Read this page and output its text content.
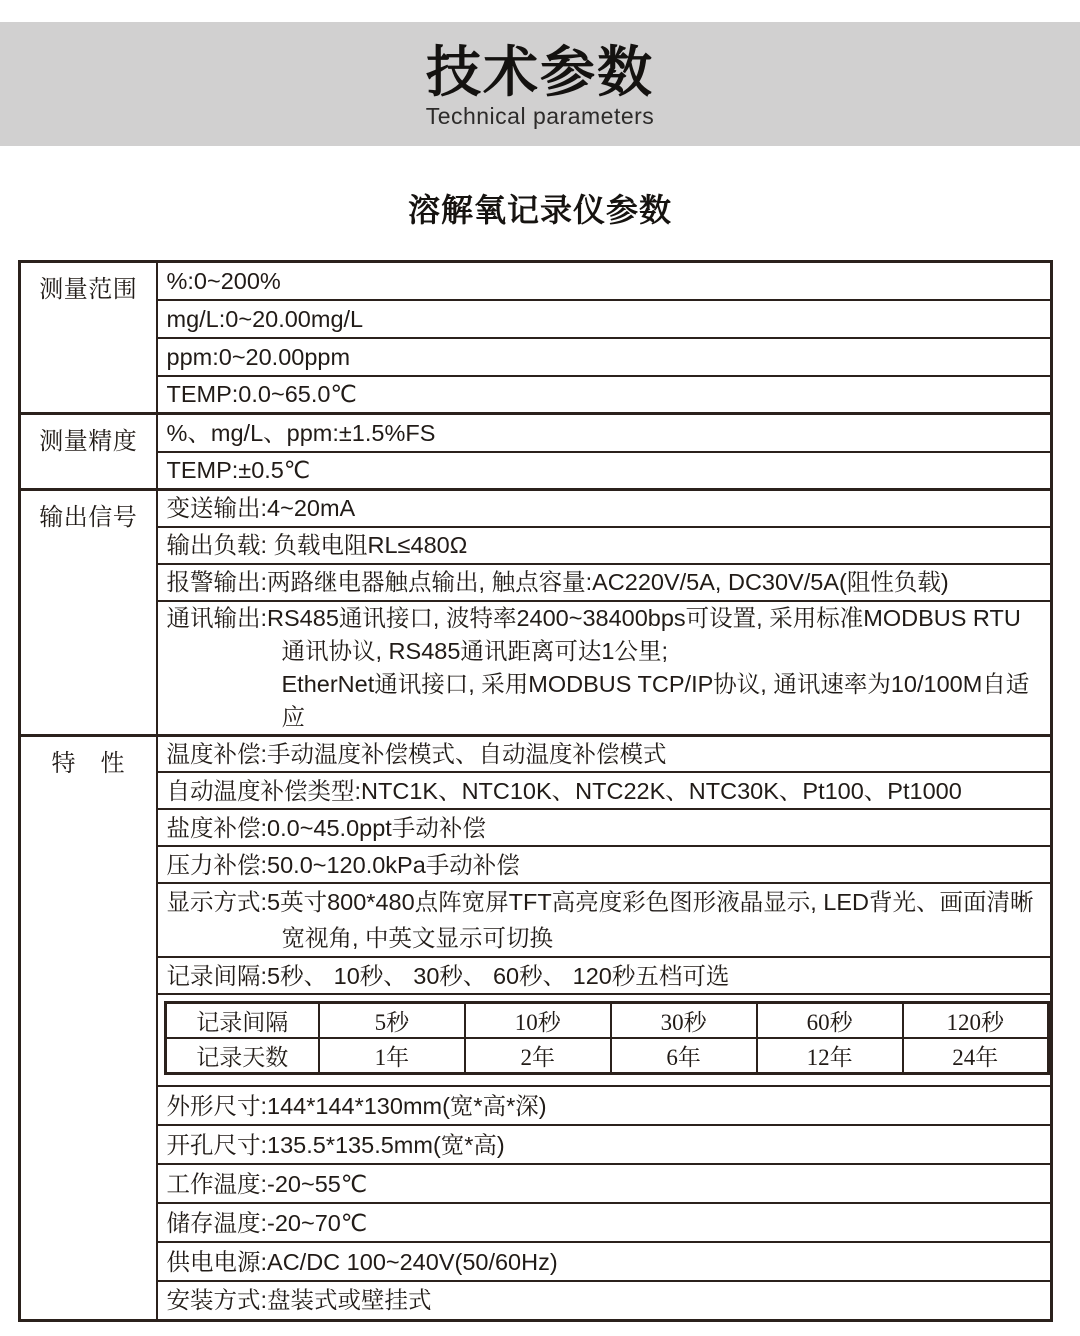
技术参数
Technical parameters
溶解氧记录仪参数
测量范围	%:0~200%

mg/L:0~20.00mg/L

ppm:0~20.00ppm

TEMP:0.0~65.0℃

测量精度	%、mg/L、ppm:±1.5%FS

TEMP:±0.5℃

输出信号	变送输出:4~20mA

输出负载: 负载电阻RL≤480Ω

报警输出:两路继电器触点输出, 触点容量:AC220V/5A, DC30V/5A(阻性负载)

通讯输出:RS485通讯接口, 波特率2400~38400bps可设置, 采用标准MODBUS RTU
通讯协议, RS485通讯距离可达1公里;
EtherNet通讯接口, 采用MODBUS TCP/IP协议, 通讯速率为10/100M自适应

特　性	温度补偿:手动温度补偿模式、自动温度补偿模式

自动温度补偿类型:NTC1K、NTC10K、NTC22K、NTC30K、Pt100、Pt1000

盐度补偿:0.0~45.0ppt手动补偿

压力补偿:50.0~120.0kPa手动补偿

显示方式:5英寸800*480点阵宽屏TFT高亮度彩色图形液晶显示, LED背光、画面清晰
宽视角, 中英文显示可切换

记录间隔:5秒、 10秒、 30秒、 60秒、 120秒五档可选

记录间隔	5秒	10秒	30秒	60秒	120秒
记录天数	1年	2年	6年	12年	24年

外形尺寸:144*144*130mm(宽*高*深)

开孔尺寸:135.5*135.5mm(宽*高)

工作温度:-20~55℃

储存温度:-20~70℃

供电电源:AC/DC 100~240V(50/60Hz)

安装方式:盘装式或壁挂式
